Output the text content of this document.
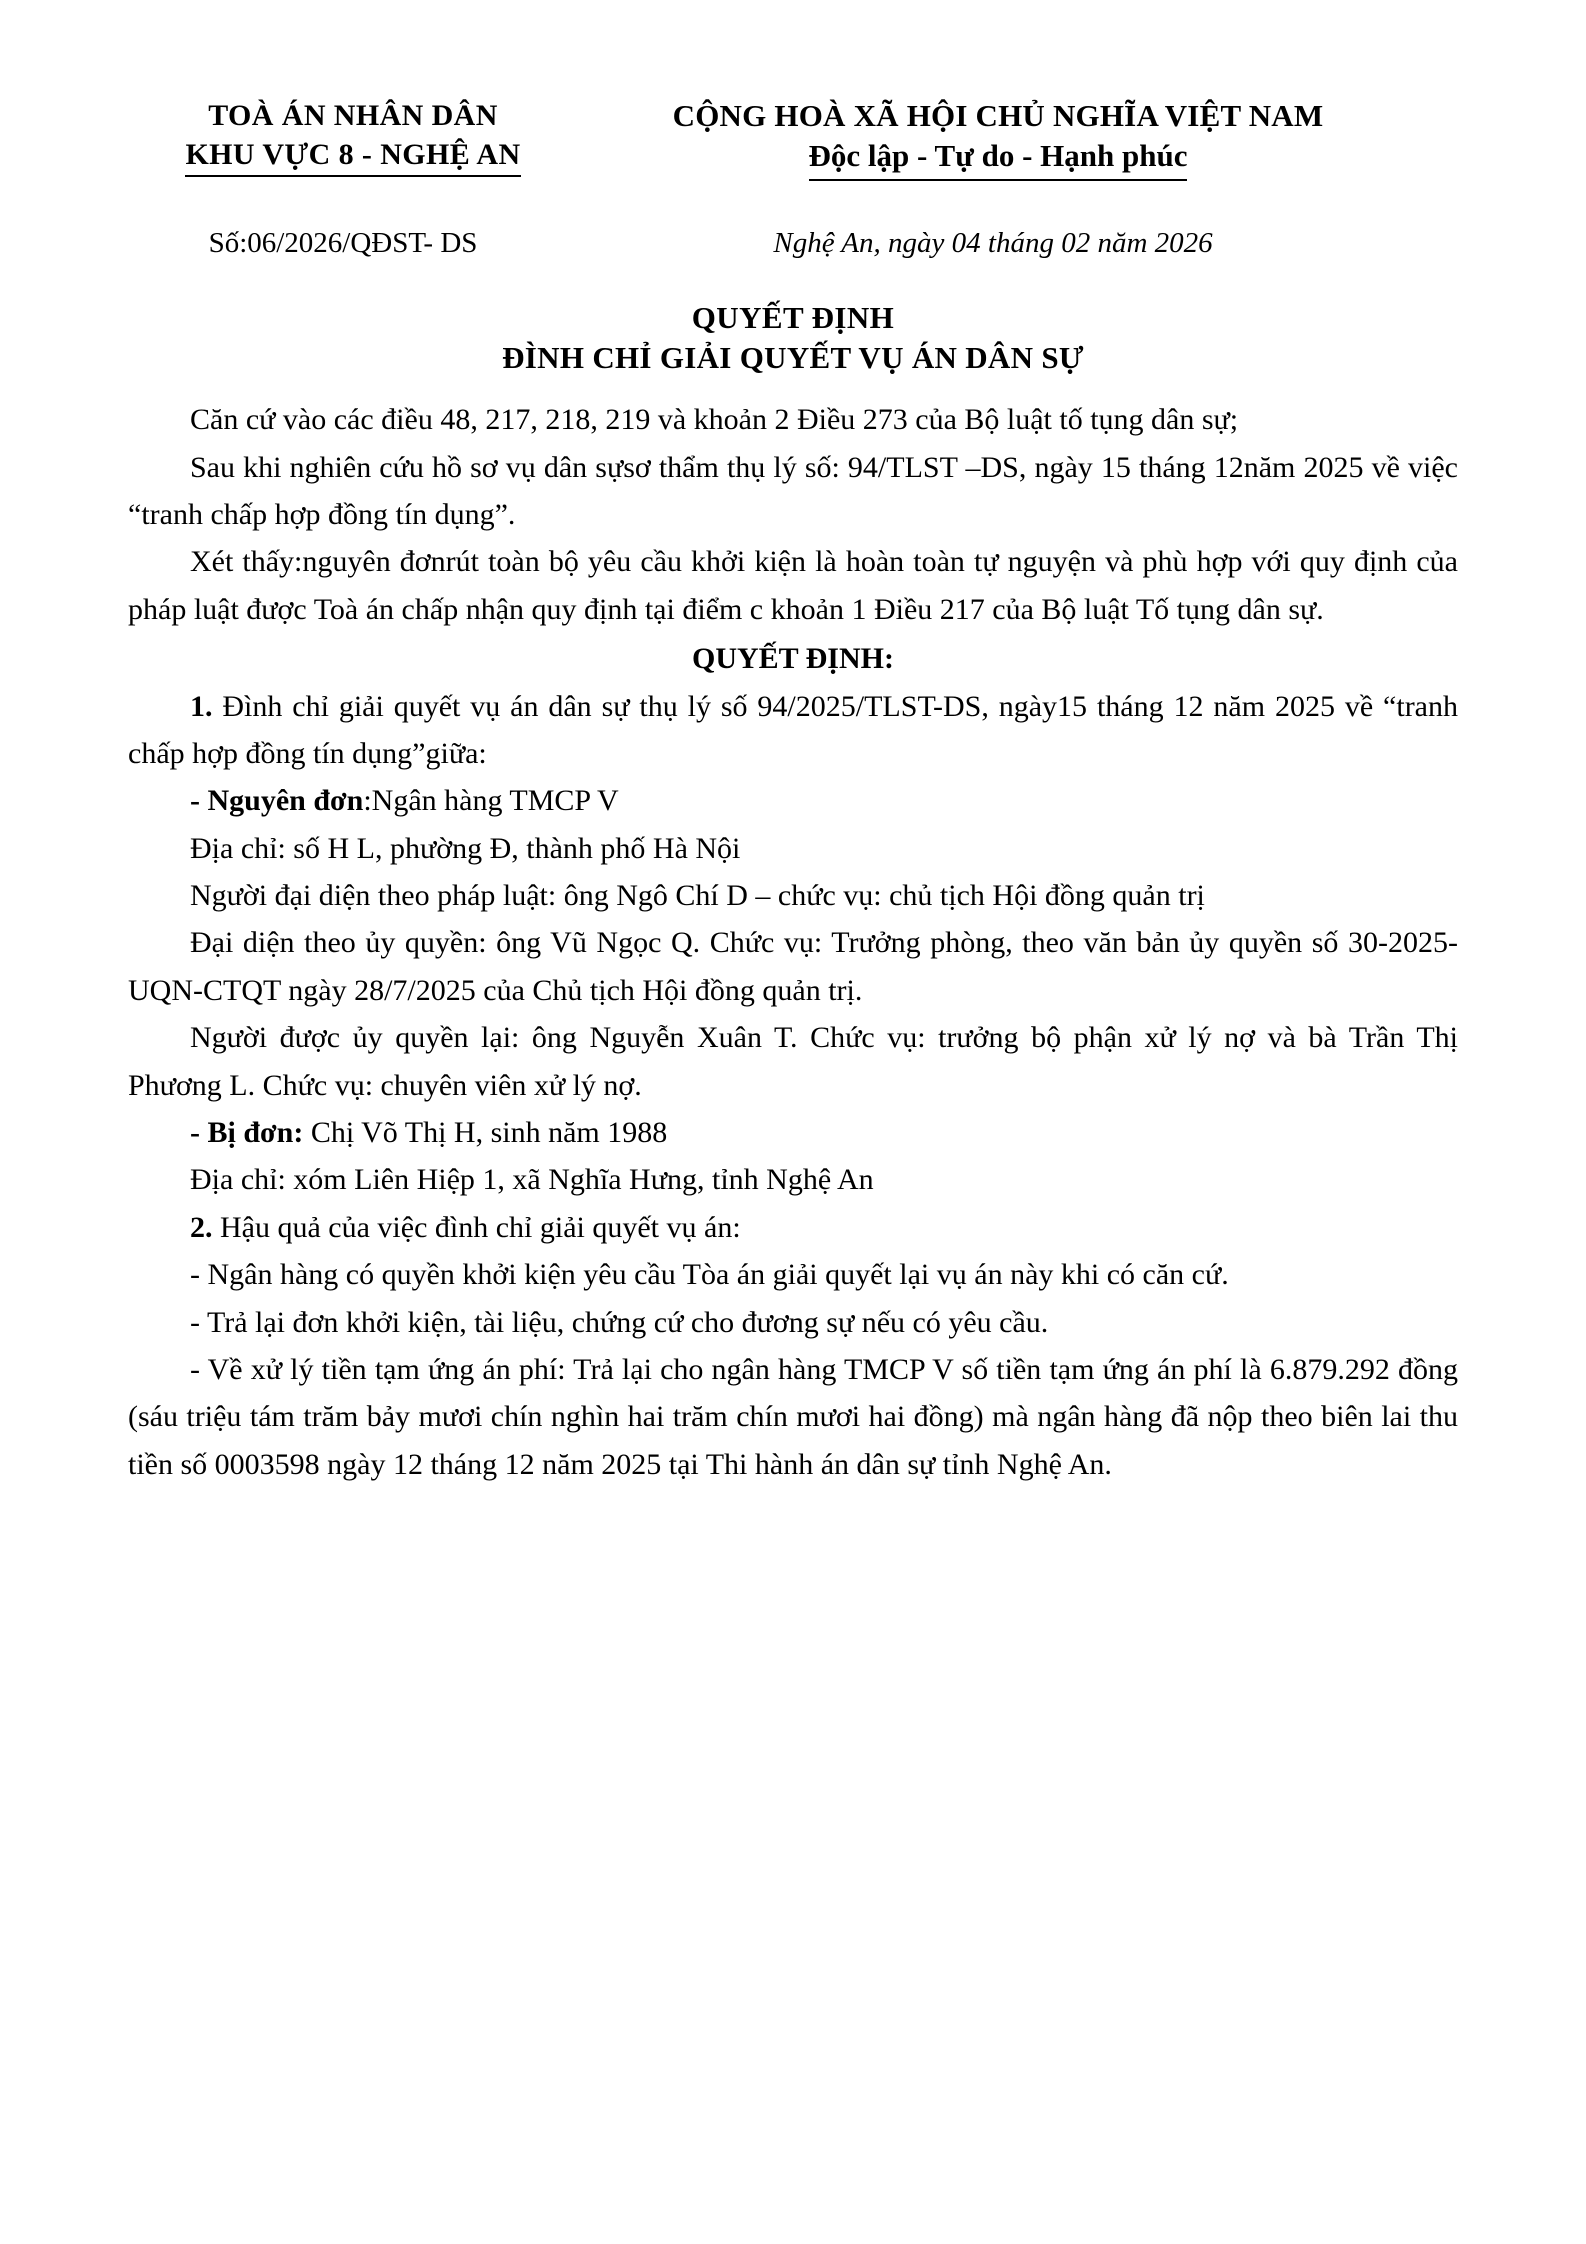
TOÀ ÁN NHÂN DÂN
KHU VỰC 8 - NGHỆ AN
CỘNG HOÀ XÃ HỘI CHỦ NGHĨA VIỆT NAM
Độc lập - Tự do - Hạnh phúc
Số:06/2026/QĐST- DS	Nghệ An, ngày 04 tháng 02 năm 2026
QUYẾT ĐỊNH
ĐÌNH CHỈ GIẢI QUYẾT VỤ ÁN DÂN SỰ

Căn cứ vào các điều 48, 217, 218, 219 và khoản 2 Điều 273 của Bộ luật tố tụng dân sự;

Sau khi nghiên cứu hồ sơ vụ dân sựsơ thẩm thụ lý số: 94/TLST –DS, ngày 15 tháng 12năm 2025 về việc “tranh chấp hợp đồng tín dụng”.

Xét thấy:nguyên đơnrút toàn bộ yêu cầu khởi kiện là hoàn toàn tự nguyện và phù hợp với quy định của pháp luật được Toà án chấp nhận quy định tại điểm c khoản 1 Điều 217 của Bộ luật Tố tụng dân sự.

QUYẾT ĐỊNH:

1. Đình chỉ giải quyết vụ án dân sự thụ lý số 94/2025/TLST-DS, ngày15 tháng 12 năm 2025 về “tranh chấp hợp đồng tín dụng”giữa:

- Nguyên đơn:Ngân hàng TMCP V

Địa chỉ: số H L, phường Đ, thành phố Hà Nội

Người đại diện theo pháp luật: ông Ngô Chí D – chức vụ: chủ tịch Hội đồng quản trị

Đại diện theo ủy quyền: ông Vũ Ngọc Q. Chức vụ: Trưởng phòng, theo văn bản ủy quyền số 30-2025-UQN-CTQT ngày 28/7/2025 của Chủ tịch Hội đồng quản trị.

Người được ủy quyền lại: ông Nguyễn Xuân T. Chức vụ: trưởng bộ phận xử lý nợ và bà Trần Thị Phương L. Chức vụ: chuyên viên xử lý nợ.

- Bị đơn: Chị Võ Thị H, sinh năm 1988

Địa chỉ: xóm Liên Hiệp 1, xã Nghĩa Hưng, tỉnh Nghệ An

2. Hậu quả của việc đình chỉ giải quyết vụ án:

- Ngân hàng có quyền khởi kiện yêu cầu Tòa án giải quyết lại vụ án này khi có căn cứ.

- Trả lại đơn khởi kiện, tài liệu, chứng cứ cho đương sự nếu có yêu cầu.

- Về xử lý tiền tạm ứng án phí: Trả lại cho ngân hàng TMCP V số tiền tạm ứng án phí là 6.879.292 đồng (sáu triệu tám trăm bảy mươi chín nghìn hai trăm chín mươi hai đồng) mà ngân hàng đã nộp theo biên lai thu tiền số 0003598 ngày 12 tháng 12 năm 2025 tại Thi hành án dân sự tỉnh Nghệ An.
